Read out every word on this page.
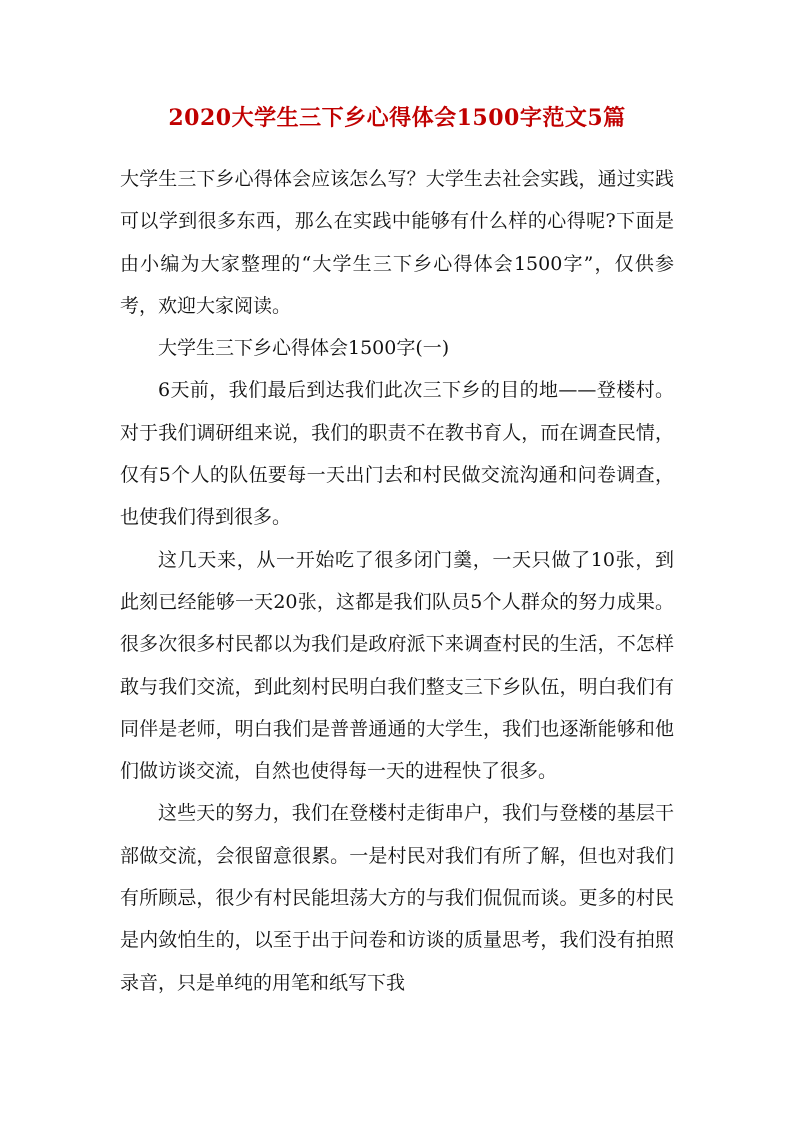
2020大学生三下乡心得体会1500字范文5篇

大学生三下乡心得体会应该怎么写？大学生去社会实践，通过实践可以学到很多东西，那么在实践中能够有什么样的心得呢?下面是由小编为大家整理的“大学生三下乡心得体会1500字”，仅供参考，欢迎大家阅读。

大学生三下乡心得体会1500字(一)

6天前，我们最后到达我们此次三下乡的目的地——登楼村。对于我们调研组来说，我们的职责不在教书育人，而在调查民情，仅有5个人的队伍要每一天出门去和村民做交流沟通和问卷调查，也使我们得到很多。

这几天来，从一开始吃了很多闭门羹，一天只做了10张，到此刻已经能够一天20张，这都是我们队员5个人群众的努力成果。很多次很多村民都以为我们是政府派下来调查村民的生活，不怎样敢与我们交流，到此刻村民明白我们整支三下乡队伍，明白我们有同伴是老师，明白我们是普普通通的大学生，我们也逐渐能够和他们做访谈交流，自然也使得每一天的进程快了很多。

这些天的努力，我们在登楼村走街串户，我们与登楼的基层干部做交流，会很留意很累。一是村民对我们有所了解，但也对我们有所顾忌，很少有村民能坦荡大方的与我们侃侃而谈。更多的村民是内敛怕生的，以至于出于问卷和访谈的质量思考，我们没有拍照录音，只是单纯的用笔和纸写下我
